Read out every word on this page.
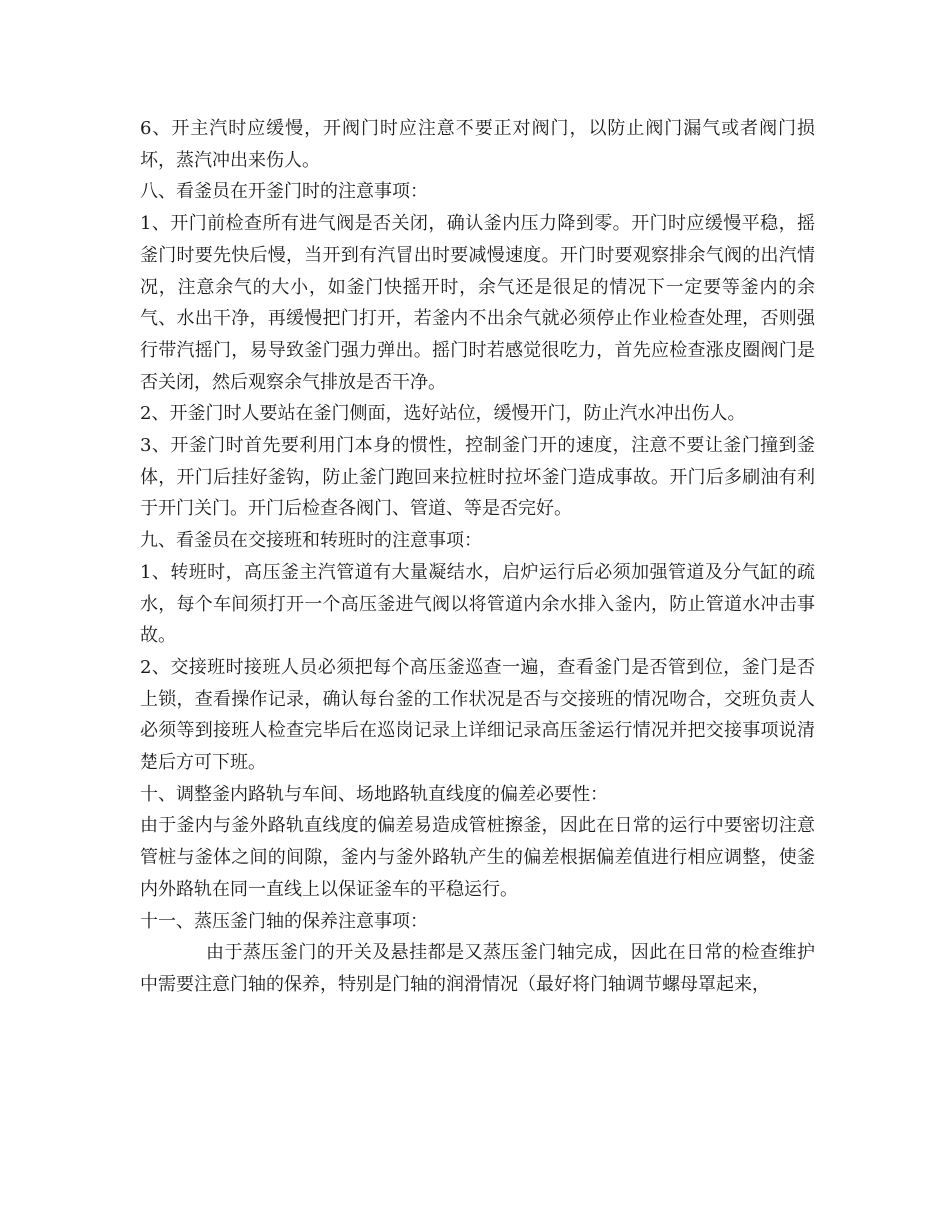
6、开主汽时应缓慢，开阀门时应注意不要正对阀门，以防止阀门漏气或者阀门损坏，蒸汽冲出来伤人。

八、看釜员在开釜门时的注意事项：

1、开门前检查所有进气阀是否关闭，确认釜内压力降到零。开门时应缓慢平稳，摇釜门时要先快后慢，当开到有汽冒出时要减慢速度。开门时要观察排余气阀的出汽情况，注意余气的大小，如釜门快摇开时，余气还是很足的情况下一定要等釜内的余气、水出干净，再缓慢把门打开，若釜内不出余气就必须停止作业检查处理，否则强行带汽摇门，易导致釜门强力弹出。摇门时若感觉很吃力，首先应检查涨皮圈阀门是否关闭，然后观察余气排放是否干净。

2、开釜门时人要站在釜门侧面，选好站位，缓慢开门，防止汽水冲出伤人。

3、开釜门时首先要利用门本身的惯性，控制釜门开的速度，注意不要让釜门撞到釜体，开门后挂好釜钩，防止釜门跑回来拉桩时拉坏釜门造成事故。开门后多刷油有利于开门关门。开门后检查各阀门、管道、等是否完好。

九、看釜员在交接班和转班时的注意事项：

1、转班时，高压釜主汽管道有大量凝结水，启炉运行后必须加强管道及分气缸的疏水，每个车间须打开一个高压釜进气阀以将管道内余水排入釜内，防止管道水冲击事故。

2、交接班时接班人员必须把每个高压釜巡查一遍，查看釜门是否管到位，釜门是否上锁，查看操作记录，确认每台釜的工作状况是否与交接班的情况吻合，交班负责人必须等到接班人检查完毕后在巡岗记录上详细记录高压釜运行情况并把交接事项说清楚后方可下班。

十、调整釜内路轨与车间、场地路轨直线度的偏差必要性：

由于釜内与釜外路轨直线度的偏差易造成管桩擦釜，因此在日常的运行中要密切注意管桩与釜体之间的间隙，釜内与釜外路轨产生的偏差根据偏差值进行相应调整，使釜内外路轨在同一直线上以保证釜车的平稳运行。

十一、蒸压釜门轴的保养注意事项：

由于蒸压釜门的开关及悬挂都是又蒸压釜门轴完成，因此在日常的检查维护中需要注意门轴的保养，特别是门轴的润滑情况（最好将门轴调节螺母罩起来，
